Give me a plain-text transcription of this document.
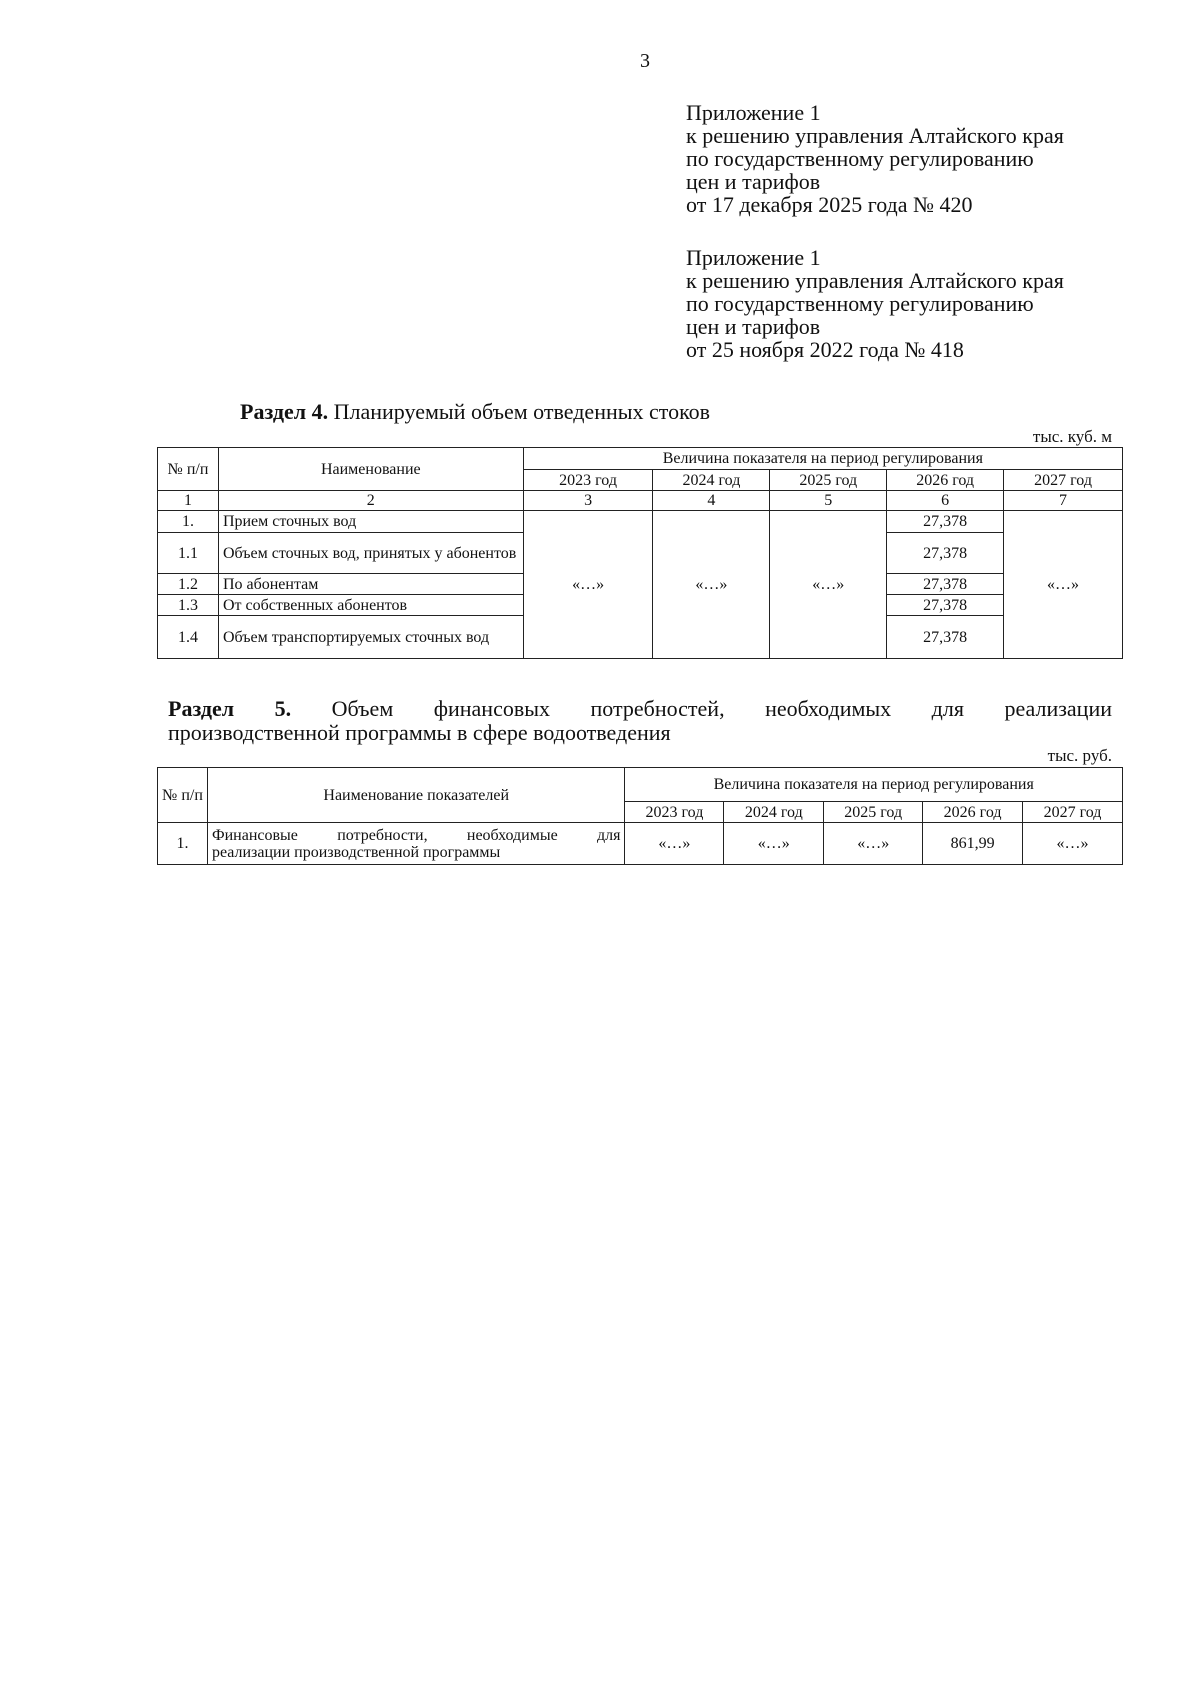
3
Приложение 1
к решению управления Алтайского края
по государственному регулированию
цен и тарифов
от 17 декабря 2025 года № 420
Приложение 1
к решению управления Алтайского края
по государственному регулированию
цен и тарифов
от 25 ноября 2022 года № 418
Раздел 4. Планируемый объем отведенных стоков
тыс. куб. м
№ п/п	Наименование	Величина показателя на период регулирования				
		2023 год	2024 год	2025 год	2026 год	2027 год
1	2	3	4	5	6	7
1.	Прием сточных вод	«…»	«…»	«…»	27,378	«…»
1.1	Объем сточных вод, принятых у абонентов				27,378	
1.2	По абонентам				27,378	
1.3	От собственных абонентов				27,378	
1.4	Объем транспортируемых сточных вод				27,378	
Раздел 5. Объем финансовых потребностей, необходимых для реализации
производственной программы в сфере водоотведения
тыс. руб.
№ п/п	Наименование показателей	Величина показателя на период регулирования				
		2023 год	2024 год	2025 год	2026 год	2027 год
1.	Финансовые потребности, необходимые для
реализации производственной программы	«…»	«…»	«…»	861,99	«…»
